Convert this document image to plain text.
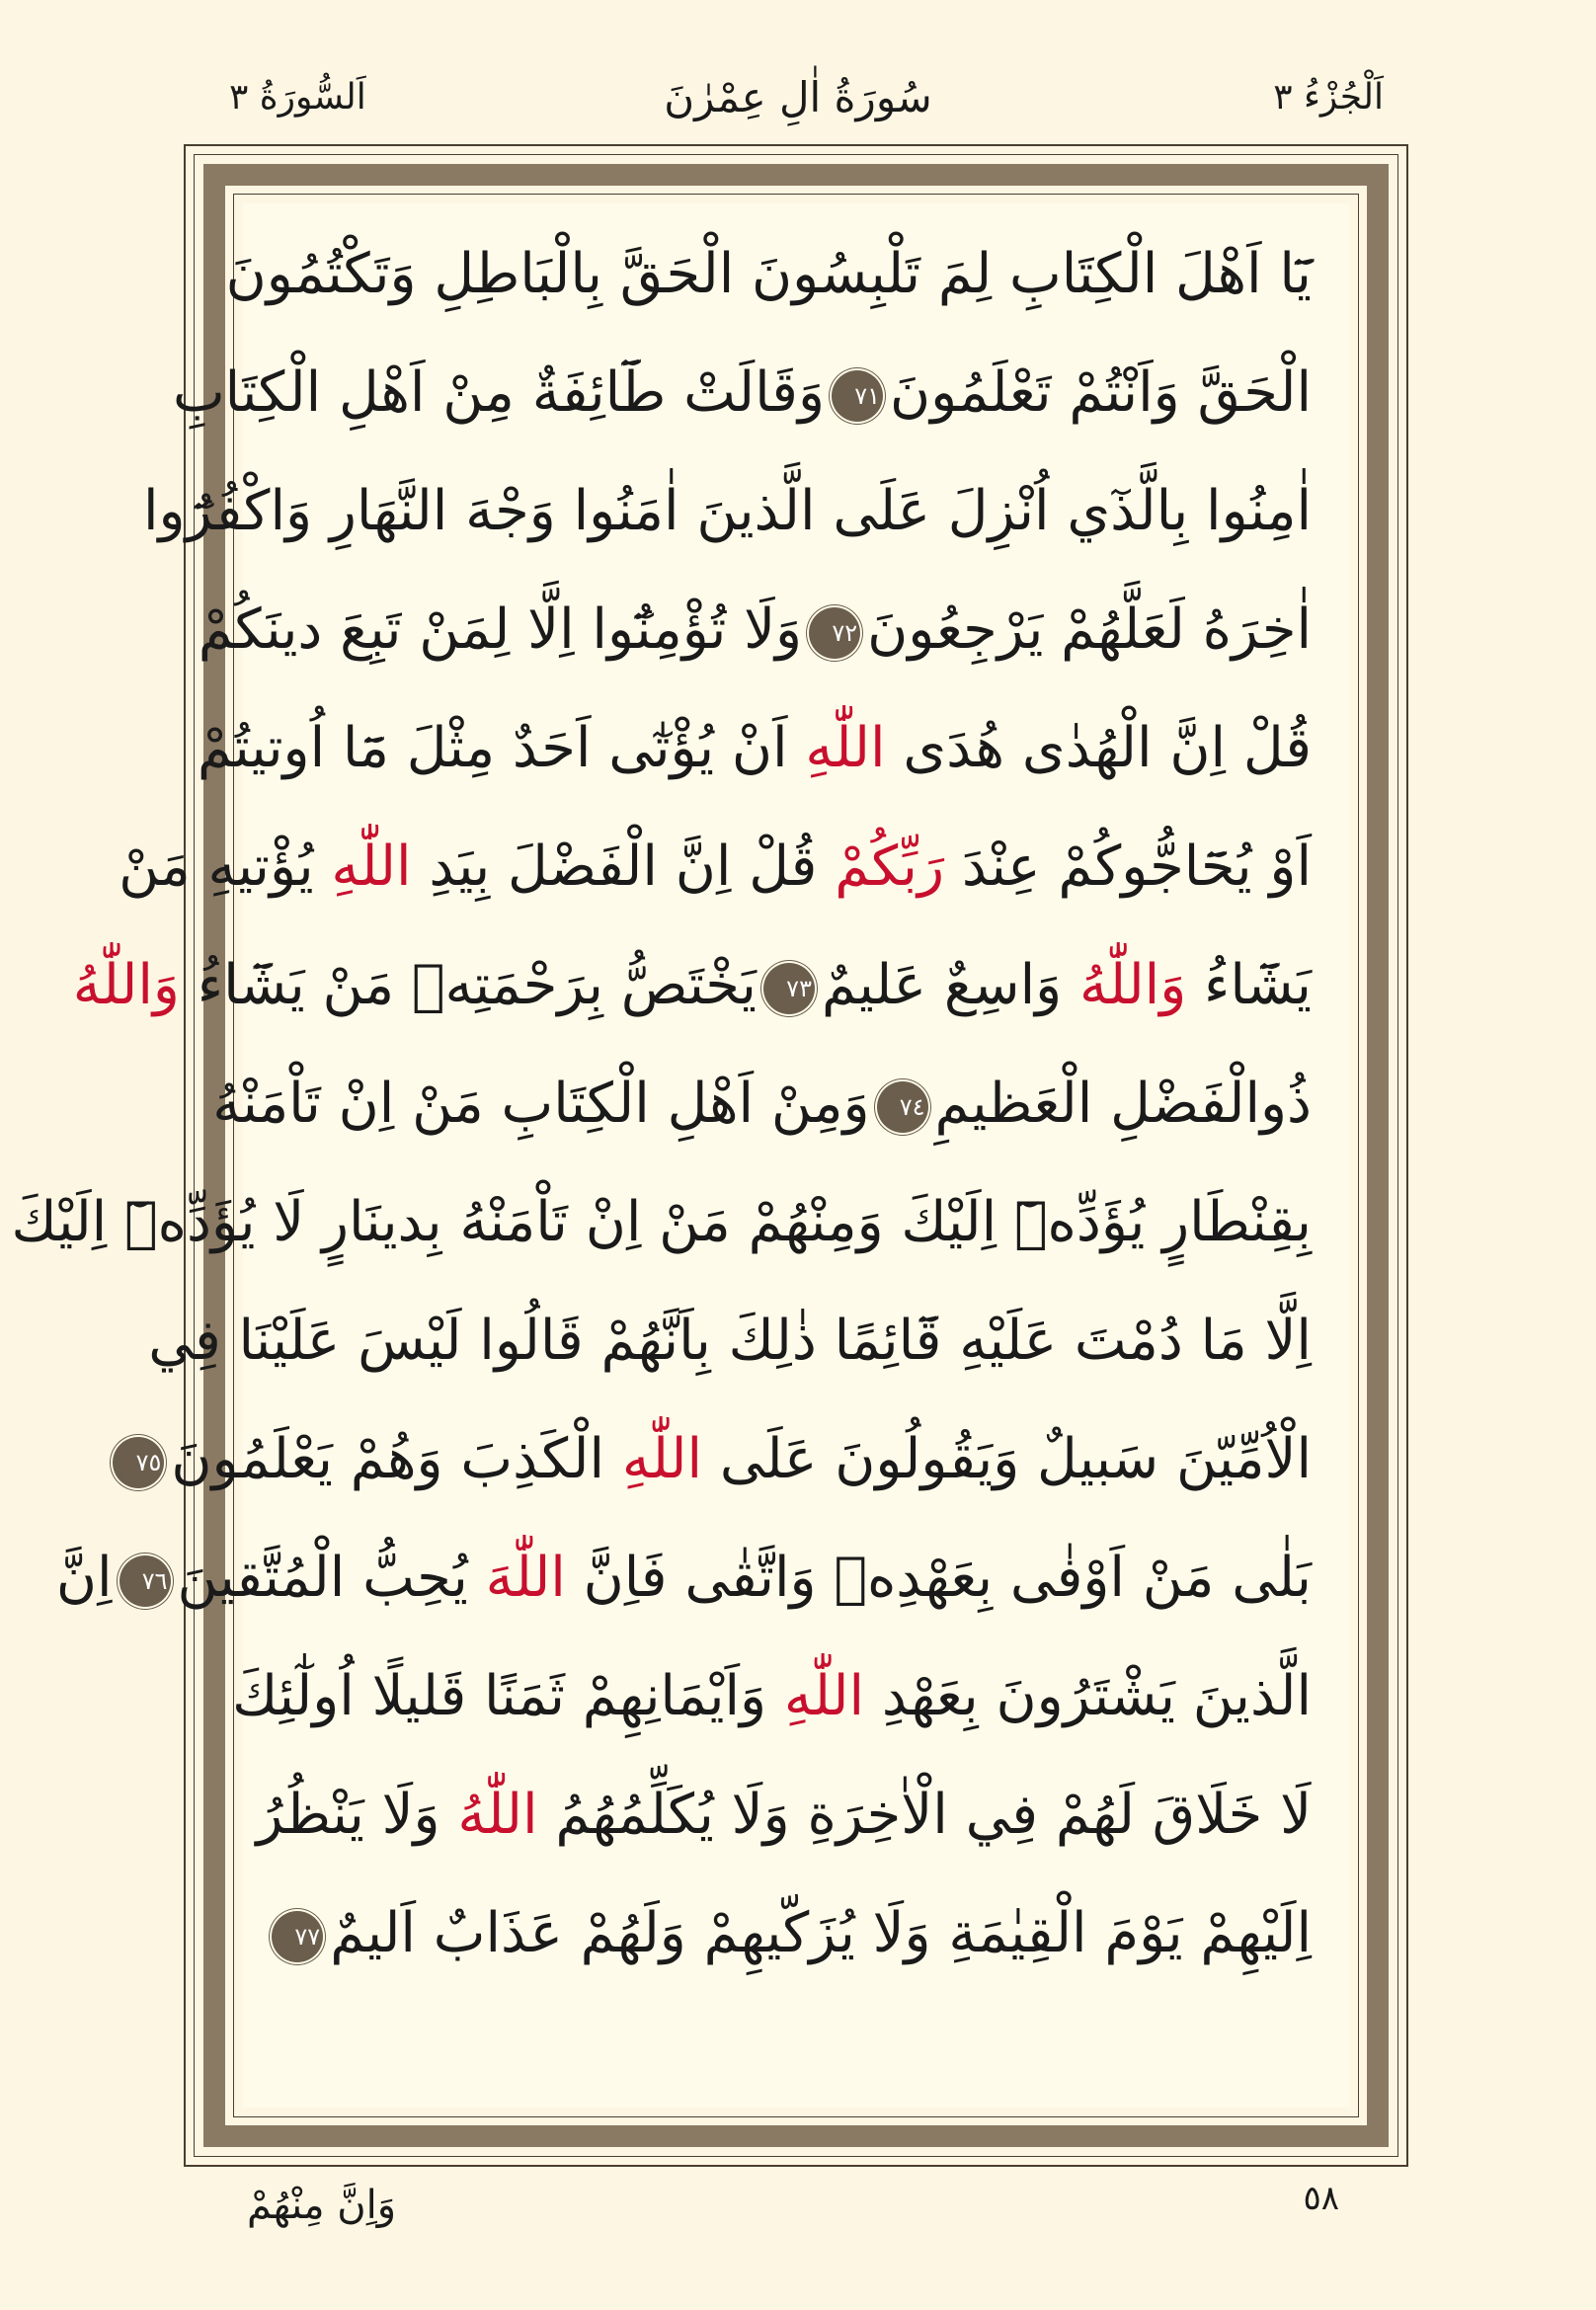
اَلْجُزْءُ ٣
سُورَةُ اٰلِ عِمْرٰنَ
اَلسُّورَةُ ٣
يَٓا اَهْلَ الْكِتَابِ لِمَ تَلْبِسُونَ الْحَقَّ بِالْبَاطِلِ وَتَكْتُمُونَ
الْحَقَّ وَاَنْتُمْ تَعْلَمُونَ٧١وَقَالَتْ طَٓائِفَةٌ مِنْ اَهْلِ الْكِتَابِ
اٰمِنُوا بِالَّذٓي اُنْزِلَ عَلَى الَّذينَ اٰمَنُوا وَجْهَ النَّهَارِ وَاكْفُرُٓوا
اٰخِرَهُ لَعَلَّهُمْ يَرْجِعُونَ٧٢وَلَا تُؤْمِنُٓوا اِلَّا لِمَنْ تَبِعَ دينَكُمْ
قُلْ اِنَّ الْهُدٰى هُدَى اللّٰهِ اَنْ يُؤْتٰٓى اَحَدٌ مِثْلَ مَٓا اُوتيتُمْ
اَوْ يُحَٓاجُّوكُمْ عِنْدَ رَبِّكُمْ قُلْ اِنَّ الْفَضْلَ بِيَدِ اللّٰهِ يُؤْتيهِ مَنْ
يَشَٓاءُ وَاللّٰهُ وَاسِعٌ عَليمٌ٧٣يَخْتَصُّ بِرَحْمَتِه۪ مَنْ يَشَٓاءُ وَاللّٰهُ
ذُوالْفَضْلِ الْعَظيمِ٧٤وَمِنْ اَهْلِ الْكِتَابِ مَنْ اِنْ تَاْمَنْهُ
بِقِنْطَارٍ يُؤَدِّه۪ٓ اِلَيْكَ وَمِنْهُمْ مَنْ اِنْ تَاْمَنْهُ بِدينَارٍ لَا يُؤَدِّه۪ٓ اِلَيْكَ
اِلَّا مَا دُمْتَ عَلَيْهِ قَٓائِمًا ذٰلِكَ بِاَنَّهُمْ قَالُوا لَيْسَ عَلَيْنَا فِي
الْاُمِّيّنَ سَبيلٌ وَيَقُولُونَ عَلَى اللّٰهِ الْكَذِبَ وَهُمْ يَعْلَمُونَ٧٥
بَلٰى مَنْ اَوْفٰى بِعَهْدِه۪ وَاتَّقٰى فَاِنَّ اللّٰهَ يُحِبُّ الْمُتَّقينَ٧٦اِنَّ
الَّذينَ يَشْتَرُونَ بِعَهْدِ اللّٰهِ وَاَيْمَانِهِمْ ثَمَنًا قَليلًا اُولٰٓئِكَ
لَا خَلَاقَ لَهُمْ فِي الْاٰخِرَةِ وَلَا يُكَلِّمُهُمُ اللّٰهُ وَلَا يَنْظُرُ
اِلَيْهِمْ يَوْمَ الْقِيٰمَةِ وَلَا يُزَكّيهِمْ وَلَهُمْ عَذَابٌ اَليمٌ٧٧
وَاِنَّ مِنْهُمْ	٥٨
